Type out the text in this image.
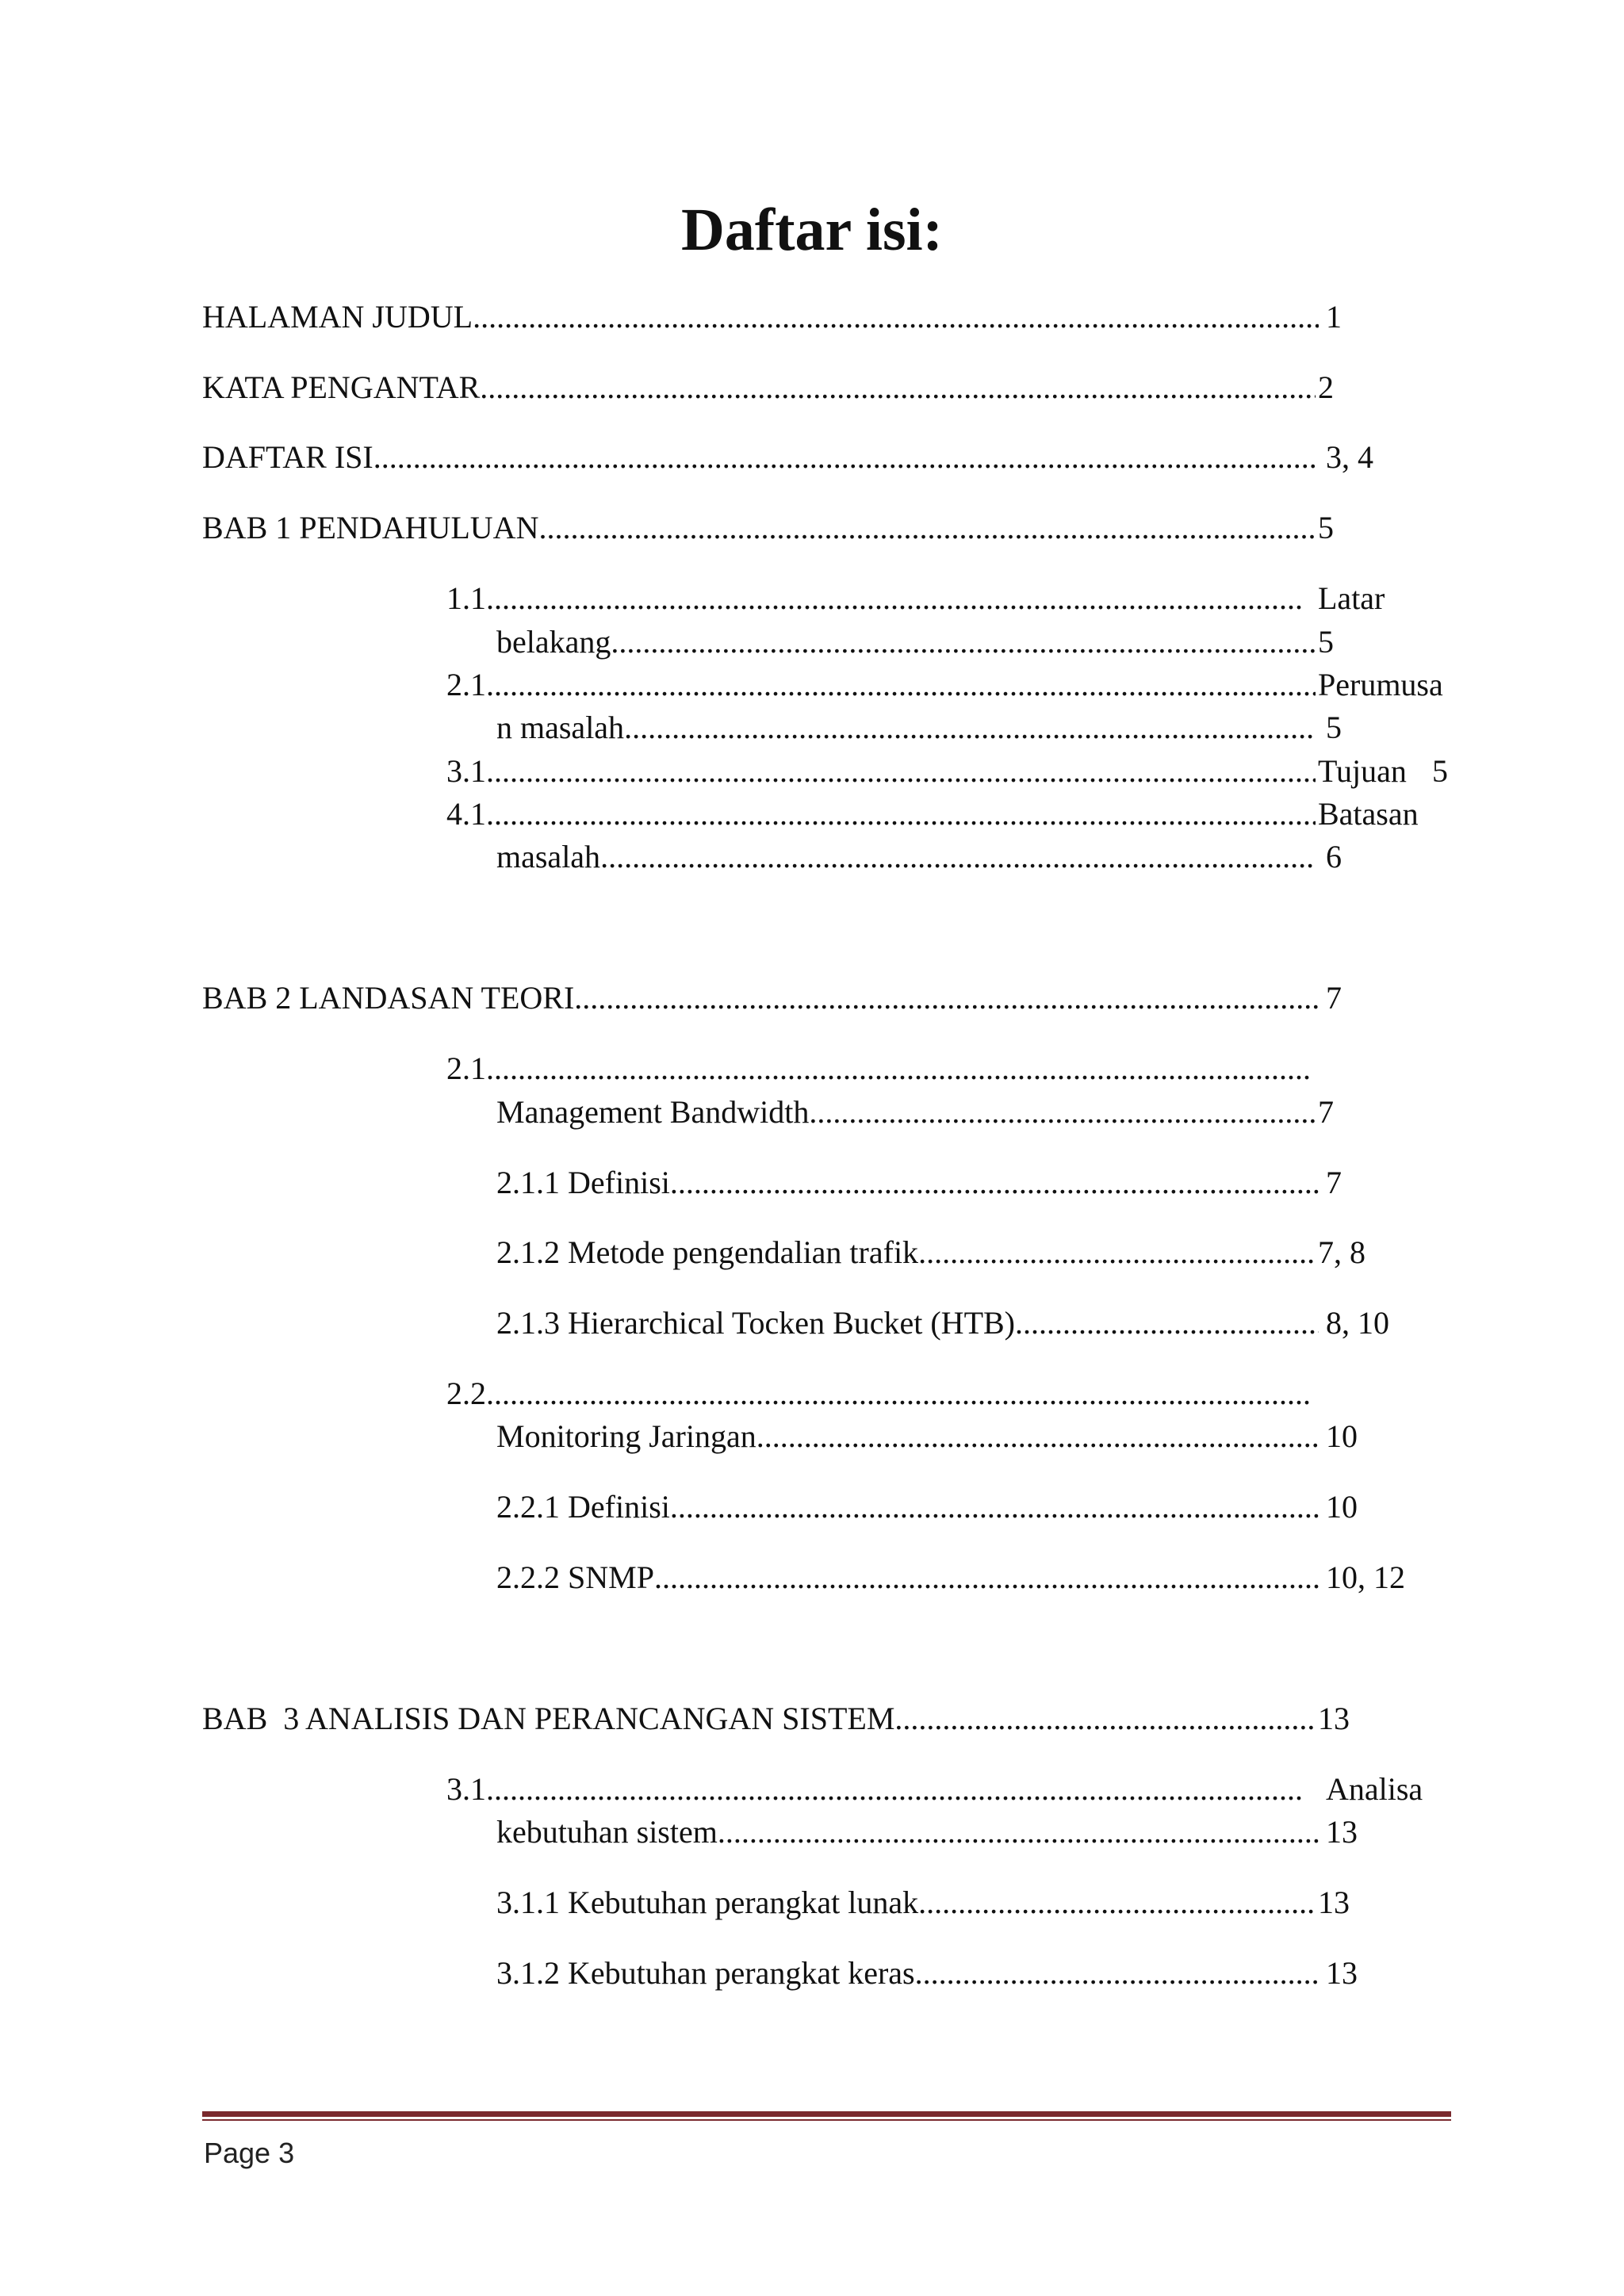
Daftar isi:
HALAMAN JUDUL .....	1
KATA PENGANTAR .....	2
DAFTAR ISI .....	3, 4
BAB 1 PENDAHULUAN .....	5
1.1 .....	Latar
belakang .....	5
2.1 .....	Perumusa
n masalah .....	5
3.1 .....	Tujuan 5
4.1 .....	Batasan
masalah .....	6
BAB 2 LANDASAN TEORI .....	7
2.1
.....
Management Bandwidth .....	7
2.1.1 Definisi .....	7
2.1.2 Metode pengendalian trafik .....	7, 8
2.1.3 Hierarchical Tocken Bucket (HTB) .....	8, 10
2.2
.....
Monitoring Jaringan .....	10
2.2.1 Definisi .....	10
2.2.2 SNMP .....	10, 12
BAB  3 ANALISIS DAN PERANCANGAN SISTEM .....	13
3.1 .....	Analisa
kebutuhan sistem .....	13
3.1.1 Kebutuhan perangkat lunak .....	13
3.1.2 Kebutuhan perangkat keras .....	13
Page 3
